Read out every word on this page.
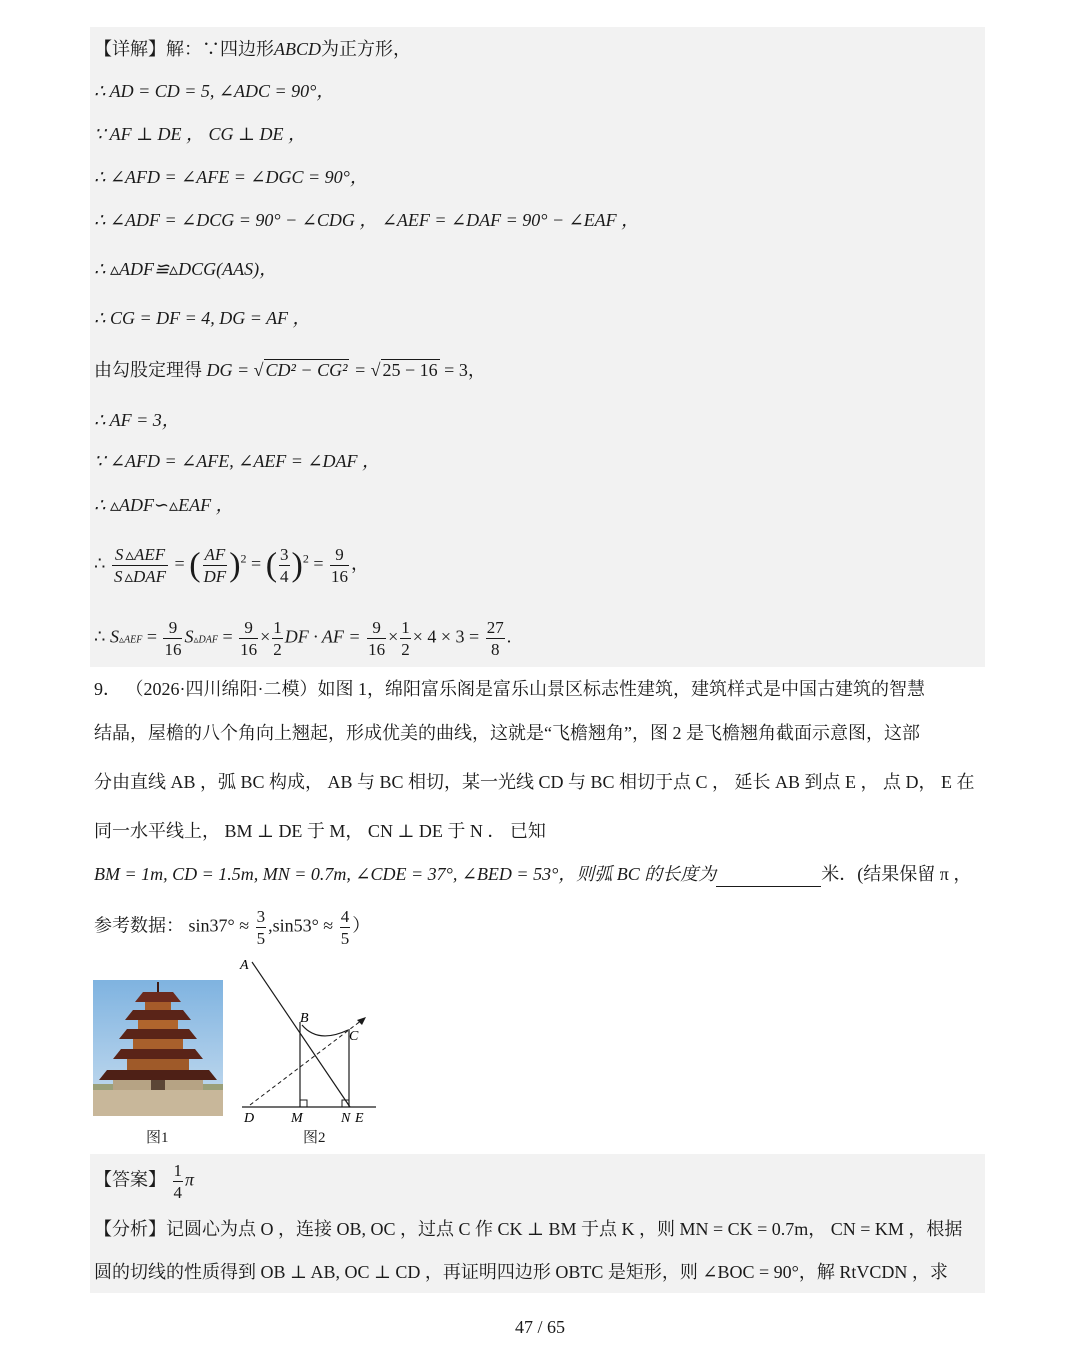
【详解】解：∵四边形ABCD为正方形，
∴ AD = CD = 5, ∠ADC = 90°，
∵ AF ⊥ DE ， CG ⊥ DE ，
∴ ∠AFD = ∠AFE = ∠DGC = 90°，
∴ ∠ADF = ∠DCG = 90° − ∠CDG ， ∠AEF = ∠DAF = 90° − ∠EAF ，
∴ ▵ADF≌▵DCG(AAS)，
∴ CG = DF = 4, DG = AF ，
由勾股定理得 DG = √ CD² − CG² = √ 25 − 16 = 3，
∴ AF = 3，
∵ ∠AFD = ∠AFE, ∠AEF = ∠DAF ，
∴ ▵ADF∽▵EAF ，
∴ $\frac{\text{S ▵AEF}}{\text{S ▵DAF}}$ = ( $\frac{AF}{DF} )^2$ = ( $\frac{3}{4} )^2 = \frac{9}{16}$ ，
∴ S▵AEF = $\frac{9}{16}$ S▵DAF = $\frac{9}{16} \times \frac{1}{2}$ DF · AF = $\frac{9}{16} \times \frac{1}{2} \times 4 \times 3 = \frac{27}{8}$ .
9． （2026·四川绵阳·二模）如图 1，绵阳富乐阁是富乐山景区标志性建筑，建筑样式是中国古建筑的智慧
结晶，屋檐的八个角向上翘起，形成优美的曲线，这就是“飞檐翘角”，图 2 是飞檐翘角截面示意图，这部
分由直线 AB ，弧 BC 构成， AB 与 BC 相切，某一光线 CD 与 BC 相切于点 C ， 延长 AB 到点 E ， 点 D， E 在
同一水平线上， BM ⊥ DE 于 M， CN ⊥ DE 于 N ． 已知
BM = 1m, CD = 1.5m, MN = 0.7m, ∠CDE = 37°, ∠BED = 53°，则弧 BC 的长度为	米．(结果保留 π ，
参考数据： $\sin 37^\circ \approx \frac{3}{5} ,\sin 53^\circ \approx \frac{4}{5}$ ）
图1
A
B
C
D	M	N E
图2
【答案】 $\frac{1}{4}$ π
【分析】记圆心为点 O ，连接 OB, OC ，过点 C 作 CK ⊥ BM 于点 K ，则 MN = CK = 0.7m， CN = KM ，根据
圆的切线的性质得到 OB ⊥ AB, OC ⊥ CD ，再证明四边形 OBTC 是矩形，则 ∠BOC = 90°，解 RtVCDN ，求
47 / 65
